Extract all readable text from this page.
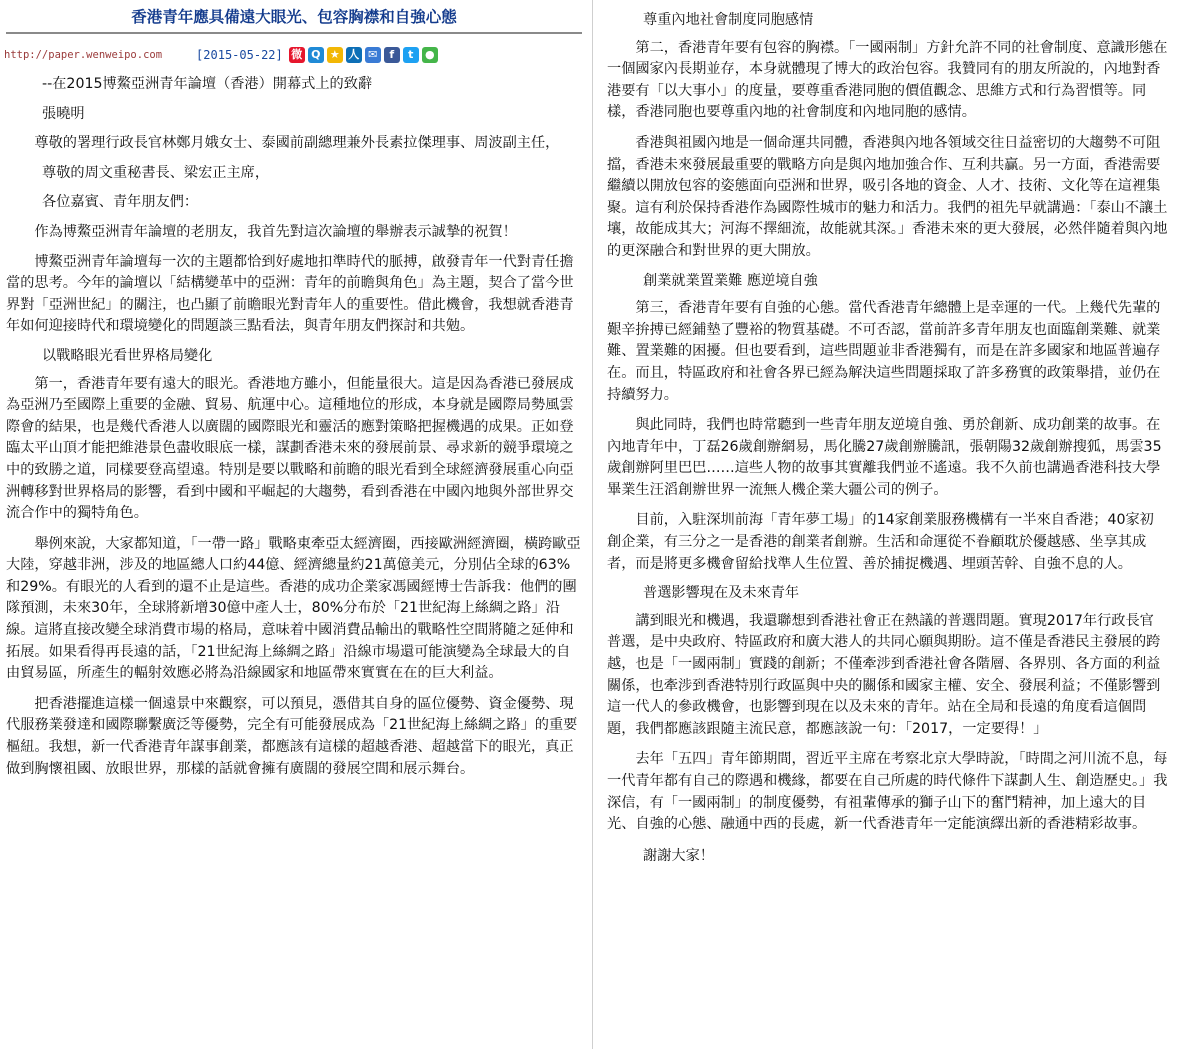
香港青年應具備遠大眼光、包容胸襟和自強心態
http://paper.wenweipo.com	[2015-05-22] 微 Q ★ 人 ✉	f	t	●

--在2015博鰲亞洲青年論壇（香港）開幕式上的致辭

張曉明

尊敬的署理行政長官林鄭月娥女士、泰國前副總理兼外長素拉傑理事、周波副主任，

尊敬的周文重秘書長、梁宏正主席，

各位嘉賓、青年朋友們：

作為博鰲亞洲青年論壇的老朋友，我首先對這次論壇的舉辦表示誠摯的祝賀！

博鰲亞洲青年論壇每一次的主題都恰到好處地扣準時代的脈搏，啟發青年一代對青任擔當的思考。今年的論壇以「結構變革中的亞洲：青年的前瞻與角色」為主題，契合了當今世界對「亞洲世紀」的關注，也凸顯了前瞻眼光對青年人的重要性。借此機會，我想就香港青年如何迎接時代和環境變化的問題談三點看法，與青年朋友們探討和共勉。

以戰略眼光看世界格局變化

第一，香港青年要有遠大的眼光。香港地方雖小，但能量很大。這是因為香港已發展成為亞洲乃至國際上重要的金融、貿易、航運中心。這種地位的形成，本身就是國際局勢風雲際會的結果，也是幾代香港人以廣闊的國際眼光和靈活的應對策略把握機遇的成果。正如登臨太平山頂才能把維港景色盡收眼底一樣，謀劃香港未來的發展前景、尋求新的競爭環境之中的致勝之道，同樣要登高望遠。特別是要以戰略和前瞻的眼光看到全球經濟發展重心向亞洲轉移對世界格局的影響，看到中國和平崛起的大趨勢，看到香港在中國內地與外部世界交流合作中的獨特角色。

舉例來說，大家都知道，「一帶一路」戰略東牽亞太經濟圈，西接歐洲經濟圈，橫跨歐亞大陸，穿越非洲，涉及的地區總人口約44億、經濟總量約21萬億美元，分別佔全球的63%和29%。有眼光的人看到的還不止是這些。香港的成功企業家馮國經博士告訴我：他們的團隊預測，未來30年，全球將新增30億中產人士，80%分布於「21世紀海上絲綢之路」沿線。這將直接改變全球消費市場的格局，意味着中國消費品輸出的戰略性空間將隨之延伸和拓展。如果看得再長遠的話，「21世紀海上絲綢之路」沿線市場還可能演變為全球最大的自由貿易區，所產生的輻射效應必將為沿線國家和地區帶來實實在在的巨大利益。

把香港擺進這樣一個遠景中來觀察，可以預見，憑借其自身的區位優勢、資金優勢、現代服務業發達和國際聯繫廣泛等優勢，完全有可能發展成為「21世紀海上絲綢之路」的重要樞紐。我想，新一代香港青年謀事創業，都應該有這樣的超越香港、超越當下的眼光，真正做到胸懷祖國、放眼世界，那樣的話就會擁有廣闊的發展空間和展示舞台。

尊重內地社會制度同胞感情

第二，香港青年要有包容的胸襟。「一國兩制」方針允許不同的社會制度、意識形態在一個國家內長期並存，本身就體現了博大的政治包容。我贊同有的朋友所說的，內地對香港要有「以大事小」的度量，要尊重香港同胞的價值觀念、思維方式和行為習慣等。同樣，香港同胞也要尊重內地的社會制度和內地同胞的感情。

香港與祖國內地是一個命運共同體，香港與內地各領域交往日益密切的大趨勢不可阻擋，香港未來發展最重要的戰略方向是與內地加強合作、互利共贏。另一方面，香港需要繼續以開放包容的姿態面向亞洲和世界，吸引各地的資金、人才、技術、文化等在這裡集聚。這有利於保持香港作為國際性城市的魅力和活力。我們的祖先早就講過：「泰山不讓土壤，故能成其大；河海不擇細流，故能就其深。」香港未來的更大發展，必然伴隨着與內地的更深融合和對世界的更大開放。

創業就業置業難 應逆境自強

第三，香港青年要有自強的心態。當代香港青年總體上是幸運的一代。上幾代先輩的艱辛拚搏已經鋪墊了豐裕的物質基礎。不可否認，當前許多青年朋友也面臨創業難、就業難、置業難的困擾。但也要看到，這些問題並非香港獨有，而是在許多國家和地區普遍存在。而且，特區政府和社會各界已經為解決這些問題採取了許多務實的政策舉措，並仍在持續努力。

與此同時，我們也時常聽到一些青年朋友逆境自強、勇於創新、成功創業的故事。在內地青年中，丁磊26歲創辦網易，馬化騰27歲創辦騰訊，張朝陽32歲創辦搜狐，馬雲35歲創辦阿里巴巴……這些人物的故事其實離我們並不遙遠。我不久前也講過香港科技大學畢業生汪滔創辦世界一流無人機企業大疆公司的例子。

目前，入駐深圳前海「青年夢工場」的14家創業服務機構有一半來自香港；40家初創企業，有三分之一是香港的創業者創辦。生活和命運從不眷顧耽於優越感、坐享其成者，而是將更多機會留給找準人生位置、善於捕捉機遇、埋頭苦幹、自強不息的人。

普選影響現在及未來青年

講到眼光和機遇，我還聯想到香港社會正在熱議的普選問題。實現2017年行政長官普選，是中央政府、特區政府和廣大港人的共同心願與期盼。這不僅是香港民主發展的跨越，也是「一國兩制」實踐的創新；不僅牽涉到香港社會各階層、各界別、各方面的利益關係，也牽涉到香港特別行政區與中央的關係和國家主權、安全、發展利益；不僅影響到這一代人的參政機會，也影響到現在以及未來的青年。站在全局和長遠的角度看這個問題，我們都應該跟隨主流民意，都應該說一句：「2017，一定要得！」

去年「五四」青年節期間，習近平主席在考察北京大學時說，「時間之河川流不息，每一代青年都有自己的際遇和機緣，都要在自己所處的時代條件下謀劃人生、創造歷史。」我深信，有「一國兩制」的制度優勢，有祖輩傳承的獅子山下的奮鬥精神，加上遠大的目光、自強的心態、融通中西的長處，新一代香港青年一定能演繹出新的香港精彩故事。

謝謝大家！
